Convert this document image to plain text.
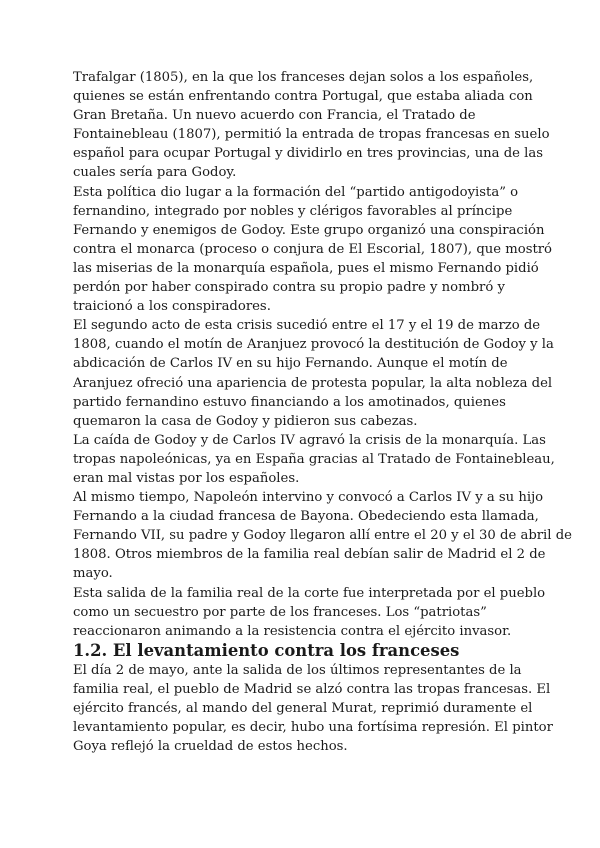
Trafalgar (1805), en la que los franceses dejan solos a los españoles,
quienes se están enfrentando contra Portugal, que estaba aliada con
Gran Bretaña. Un nuevo acuerdo con Francia, el Tratado de
Fontainebleau (1807), permitió la entrada de tropas francesas en suelo
español para ocupar Portugal y dividirlo en tres provincias, una de las
cuales sería para Godoy.

Esta política dio lugar a la formación del “partido antigodoyista” o
fernandino, integrado por nobles y clérigos favorables al príncipe
Fernando y enemigos de Godoy. Este grupo organizó una conspiración
contra el monarca (proceso o conjura de El Escorial, 1807), que mostró
las miserias de la monarquía española, pues el mismo Fernando pidió
perdón por haber conspirado contra su propio padre y nombró y
traicionó a los conspiradores.

El segundo acto de esta crisis sucedió entre el 17 y el 19 de marzo de
1808, cuando el motín de Aranjuez provocó la destitución de Godoy y la
abdicación de Carlos IV en su hijo Fernando. Aunque el motín de
Aranjuez ofreció una apariencia de protesta popular, la alta nobleza del
partido fernandino estuvo financiando a los amotinados, quienes
quemaron la casa de Godoy y pidieron sus cabezas.

La caída de Godoy y de Carlos IV agravó la crisis de la monarquía. Las
tropas napoleónicas, ya en España gracias al Tratado de Fontainebleau,
eran mal vistas por los españoles.

Al mismo tiempo, Napoleón intervino y convocó a Carlos IV y a su hijo
Fernando a la ciudad francesa de Bayona. Obedeciendo esta llamada,
Fernando VII, su padre y Godoy llegaron allí entre el 20 y el 30 de abril de
1808. Otros miembros de la familia real debían salir de Madrid el 2 de
mayo.

Esta salida de la familia real de la corte fue interpretada por el pueblo
como un secuestro por parte de los franceses. Los “patriotas”
reaccionaron animando a la resistencia contra el ejército invasor.

1.2. El levantamiento contra los franceses

El día 2 de mayo, ante la salida de los últimos representantes de la
familia real, el pueblo de Madrid se alzó contra las tropas francesas. El
ejército francés, al mando del general Murat, reprimió duramente el
levantamiento popular, es decir, hubo una fortísima represión. El pintor
Goya reflejó la crueldad de estos hechos.
